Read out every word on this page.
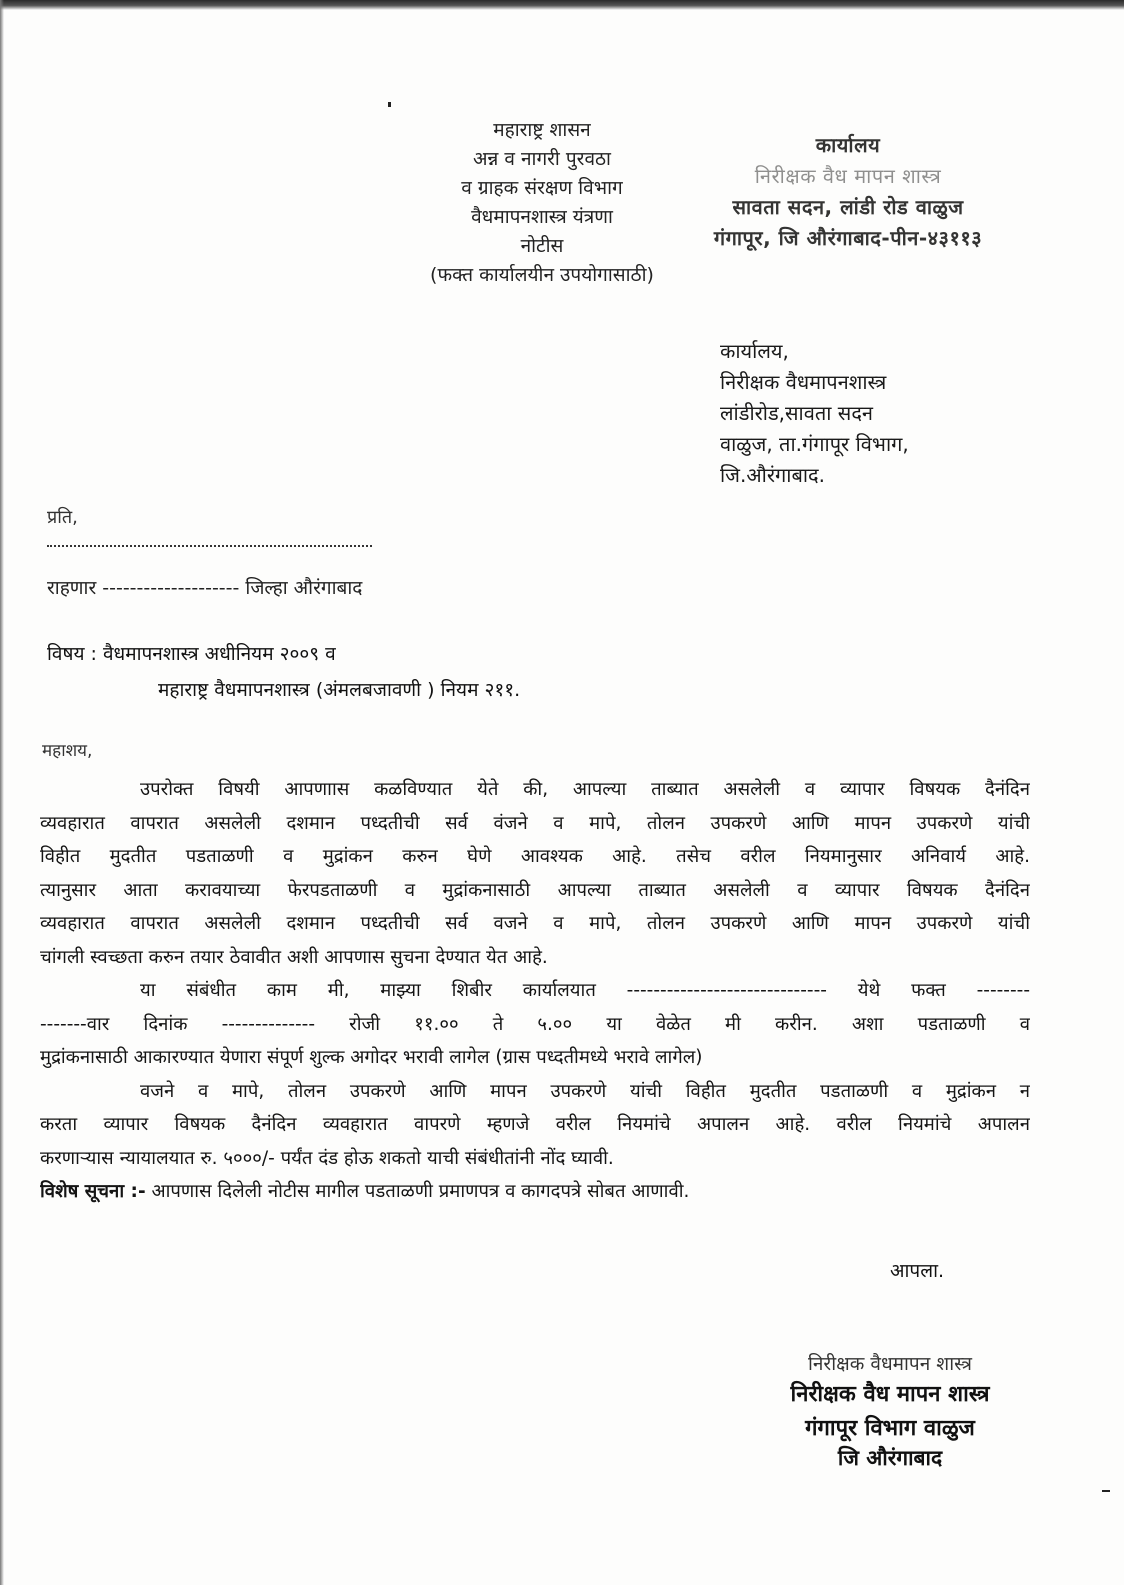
महाराष्ट्र शासन
अन्न व नागरी पुरवठा
व ग्राहक संरक्षण विभाग
वैधमापनशास्त्र यंत्रणा
नोटीस
(फक्त कार्यालयीन उपयोगासाठी)
कार्यालय
निरीक्षक वैध मापन शास्त्र
सावता सदन, लांडी रोड वाळुज
गंगापूर, जि औरंगाबाद-पीन-४३११३
कार्यालय,
निरीक्षक वैधमापनशास्त्र
लांडीरोड,सावता सदन
वाळुज, ता.गंगापूर विभाग,
जि.औरंगाबाद.
प्रति,
राहणार -------------------- जिल्हा औरंगाबाद
विषय : वैधमापनशास्त्र अधीनियम २००९ व
महाराष्ट्र वैधमापनशास्त्र (अंमलबजावणी ) नियम २११.
महाशय,
उपरोक्त विषयी आपणाास कळविण्यात येते की, आपल्या ताब्यात असलेली व व्यापार विषयक दैनंदिन
व्यवहारात वापरात असलेली दशमान पध्दतीची सर्व वंजने व मापे, तोलन उपकरणे आणि मापन उपकरणे यांची
विहीत मुदतीत पडताळणी व मुद्रांकन करुन घेणे आवश्यक आहे. तसेच वरील नियमानुसार अनिवार्य आहे.
त्यानुसार आता करावयाच्या फेरपडताळणी व मुद्रांकनासाठी आपल्या ताब्यात असलेली व व्यापार विषयक दैनंदिन
व्यवहारात वापरात असलेली दशमान पध्दतीची सर्व वजने व मापे, तोलन उपकरणे आणि मापन उपकरणे यांची
चांगली स्वच्छता करुन तयार ठेवावीत अशी आपणास सुचना देण्यात येत आहे.
या संबंधीत काम मी, माझ्या शिबीर कार्यालयात ------------------------------ येथे फक्त --------
-------वार दिनांक -------------- रोजी ११.०० ते ५.०० या वेळेत मी करीन. अशा पडताळणी व
मुद्रांकनासाठी आकारण्यात येणारा संपूर्ण शुल्क अगोदर भरावी लागेल (ग्रास पध्दतीमध्ये भरावे लागेल)
वजने व मापे, तोलन उपकरणे आणि मापन उपकरणे यांची विहीत मुदतीत पडताळणी व मुद्रांकन न
करता व्यापार विषयक दैनंदिन व्यवहारात वापरणे म्हणजे वरील नियमांचे अपालन आहे. वरील नियमांचे अपालन
करणाऱ्यास न्यायालयात रु. ५०००/- पर्यंत दंड होऊ शकतो याची संबंधीतांनी नोंद घ्यावी.
विशेष सूचना :- आपणास दिलेली नोटीस मागील पडताळणी प्रमाणपत्र व कागदपत्रे सोबत आणावी.
आपला.
निरीक्षक वैधमापन शास्त्र
निरीक्षक वैध मापन शास्त्र
गंगापूर विभाग वाळुज
जि औरंगाबाद
